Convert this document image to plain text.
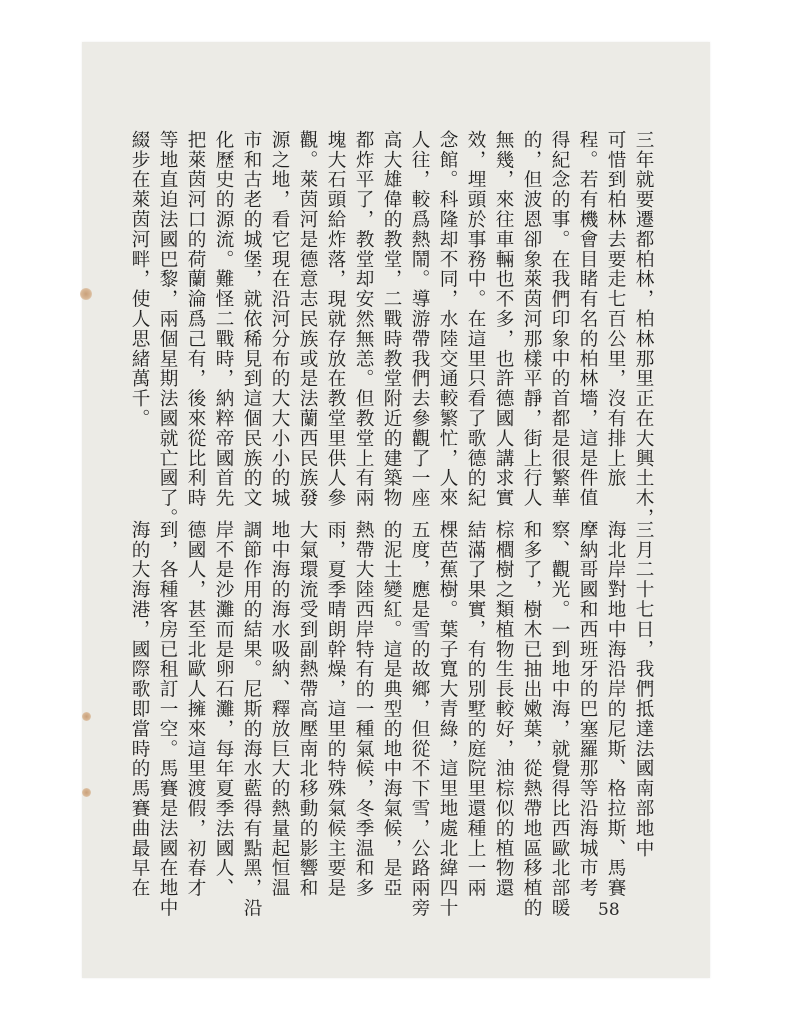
三年就要遷都柏林，柏林那里正在大興土木，
可惜到柏林去要走七百公里，沒有排上旅
程。若有機會目睹有名的柏林墻，這是件值
得紀念的事。在我們印象中的首都是很繁華
的，但波恩卻象萊茵河那樣平靜，街上行人
無幾，來往車輛也不多，也許德國人講求實
效，埋頭於事務中。在這里只看了歌德的紀
念館。科隆却不同，水陸交通較繁忙，人來
人往，較爲熱鬧。導游帶我們去參觀了一座
高大雄偉的教堂，二戰時教堂附近的建築物
都炸平了，教堂却安然無恙。但教堂上有兩
塊大石頭給炸落，現就存放在教堂里供人參
觀。萊茵河是德意志民族或是法蘭西民族發
源之地，看它現在沿河分布的大大小小的城
市和古老的城堡，就依稀見到這個民族的文
化歷史的源流。難怪二戰時，納粹帝國首先
把萊茵河口的荷蘭淪爲己有，後來從比利時
等地直迫法國巴黎，兩個星期法國就亡國了。
綴步在萊茵河畔，使人思緒萬千。
三月二十七日，我們抵達法國南部地中
海北岸對地中海沿岸的尼斯、格拉斯、馬賽
摩納哥國和西班牙的巴塞羅那等沿海城市考
察、觀光。一到地中海，就覺得比西歐北部暖
和多了，樹木已抽出嫩葉，從熱帶地區移植的
棕櫚樹之類植物生長較好，油棕似的植物還
結滿了果實，有的別墅的庭院里還種上一兩
棵芭蕉樹。葉子寬大青綠，這里地處北緯四十
五度，應是雪的故鄉，但從不下雪，公路兩旁
的泥土變紅。這是典型的地中海氣候，是亞
熱帶大陸西岸特有的一種氣候，冬季温和多
雨，夏季晴朗幹燥，這里的特殊氣候主要是
大氣環流受到副熱帶高壓南北移動的影響和
地中海的海水吸納、釋放巨大的熱量起恒温
調節作用的結果。尼斯的海水藍得有點黑，沿
岸不是沙灘而是卵石灘，每年夏季法國人、
德國人，甚至北歐人擁來這里渡假，初春才
到，各種客房已租訂一空。馬賽是法國在地中
海的大海港，國際歌即當時的馬賽曲最早在
58
